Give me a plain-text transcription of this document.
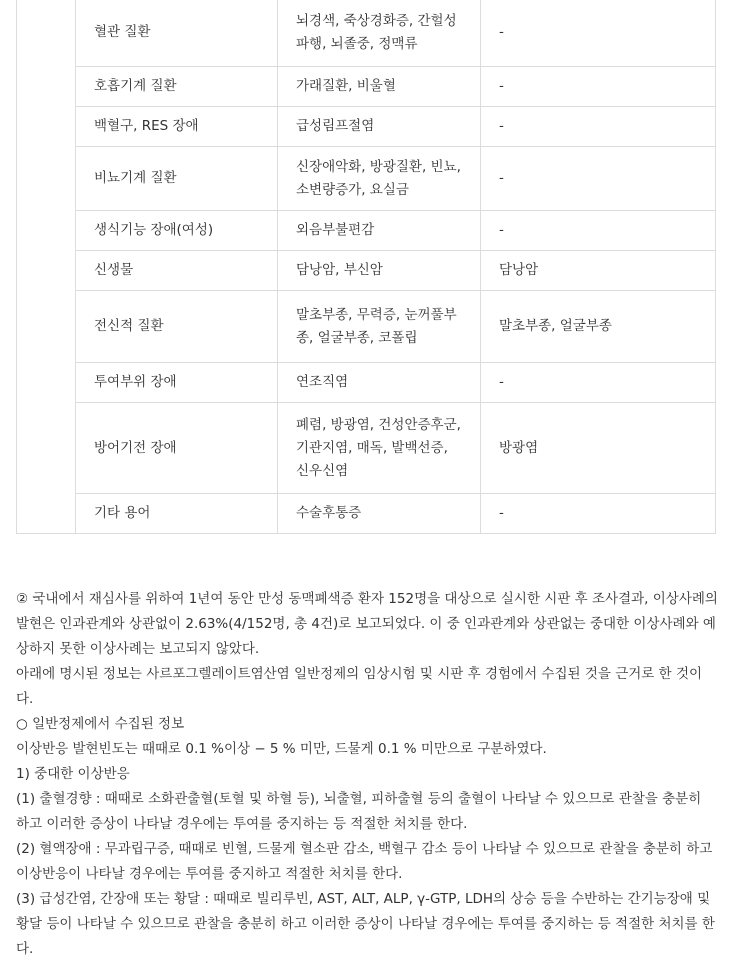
	혈관 질환	뇌경색, 죽상경화증, 간헐성파행, 뇌졸중, 정맥류	-
	호흡기계 질환	가래질환, 비울혈	-
	백혈구, RES 장애	급성림프절염	-
	비뇨기계 질환	신장애악화, 방광질환, 빈뇨, 소변량증가, 요실금	-
	생식기능 장애(여성)	외음부불편감	-
	신생물	담낭암, 부신암	담낭암
	전신적 질환	말초부종, 무력증, 눈꺼풀부종, 얼굴부종, 코폴립	말초부종, 얼굴부종
	투여부위 장애	연조직염	-
	방어기전 장애	폐렴, 방광염, 건성안증후군, 기관지염, 매독, 발백선증, 신우신염	방광염
	기타 용어	수술후통증	-

② 국내에서 재심사를 위하여 1년여 동안 만성 동맥폐색증 환자 152명을 대상으로 실시한 시판 후 조사결과, 이상사례의 발현은 인과관계와 상관없이 2.63%(4/152명, 총 4건)로 보고되었다. 이 중 인과관계와 상관없는 중대한 이상사례와 예상하지 못한 이상사례는 보고되지 않았다.

아래에 명시된 정보는 사르포그렐레이트염산염 일반정제의 임상시험 및 시판 후 경험에서 수집된 것을 근거로 한 것이다.

○ 일반정제에서 수집된 정보

이상반응 발현빈도는 때때로 0.1 %이상 − 5 % 미만, 드물게 0.1 % 미만으로 구분하였다.

1) 중대한 이상반응

(1) 출혈경향 : 때때로 소화관출혈(토혈 및 하혈 등), 뇌출혈, 피하출혈 등의 출혈이 나타날 수 있으므로 관찰을 충분히 하고 이러한 증상이 나타날 경우에는 투여를 중지하는 등 적절한 처치를 한다.

(2) 혈액장애 : 무과립구증, 때때로 빈혈, 드물게 혈소판 감소, 백혈구 감소 등이 나타날 수 있으므로 관찰을 충분히 하고 이상반응이 나타날 경우에는 투여를 중지하고 적절한 처치를 한다.

(3) 급성간염, 간장애 또는 황달 : 때때로 빌리루빈, AST, ALT, ALP, γ-GTP, LDH의 상승 등을 수반하는 간기능장애 및 황달 등이 나타날 수 있으므로 관찰을 충분히 하고 이러한 증상이 나타날 경우에는 투여를 중지하는 등 적절한 처치를 한다.
